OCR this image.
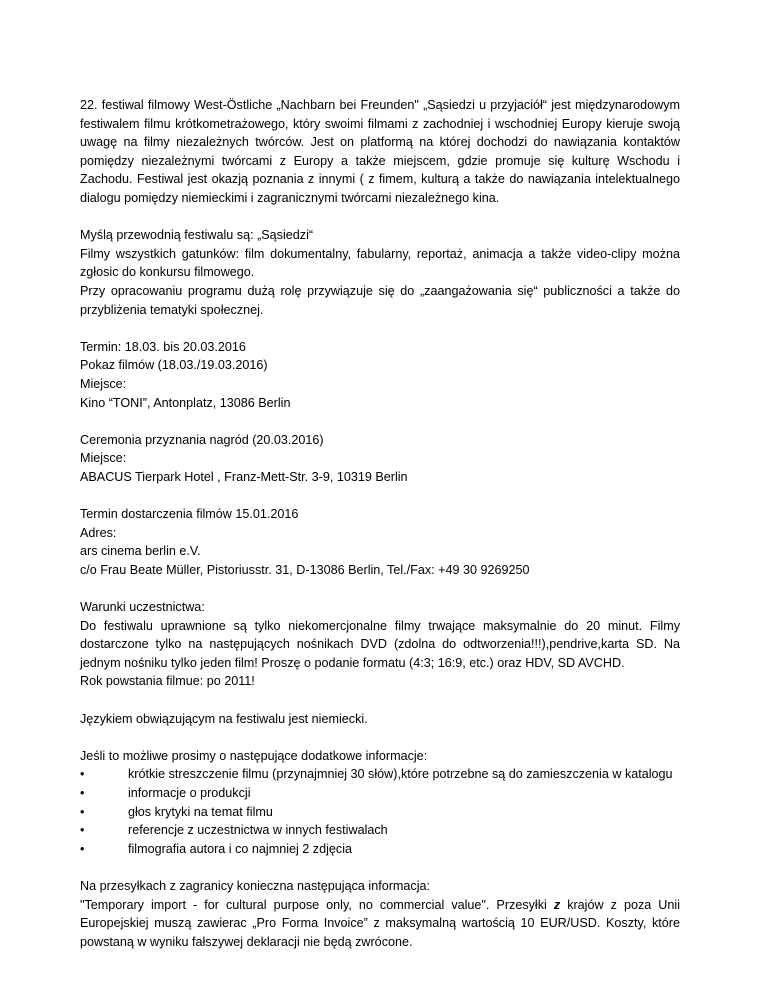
22. festiwal filmowy West-Östliche „Nachbarn bei Freunden" „Sąsiedzi u przyjaciół“ jest międzynarodowym festiwalem filmu krótkometrażowego, który swoimi filmami z zachodniej i wschodniej Europy kieruje swoją uwagę na filmy niezależnych twórców. Jest on platformą na której dochodzi do nawiązania kontaktów pomiędzy niezależnymi twórcami z Europy a także miejscem, gdzie promuje się kulturę Wschodu i Zachodu. Festiwal jest okazją poznania z innymi ( z fimem, kulturą a także do nawiązania intelektualnego dialogu pomiędzy niemieckimi i zagranicznymi twórcami niezależnego kina.

Myślą przewodnią festiwalu są: „Sąsiedzi“
Filmy wszystkich gatunków: film dokumentalny, fabularny, reportaż, animacja a także video-clipy można zgłosic do konkursu filmowego.
Przy opracowaniu programu dużą rolę przywiązuje się do „zaangażowania się“ publiczności a także do przybliżenia tematyki społecznej.

Termin: 18.03. bis 20.03.2016
Pokaz filmów (18.03./19.03.2016)
Miejsce:
Kino “TONI”, Antonplatz, 13086 Berlin

Ceremonia przyznania nagród (20.03.2016)
Miejsce:
ABACUS Tierpark Hotel , Franz-Mett-Str. 3-9, 10319 Berlin

Termin dostarczenia filmów 15.01.2016
Adres:
ars cinema berlin e.V.
c/o Frau Beate Müller, Pistoriusstr. 31, D-13086 Berlin, Tel./Fax: +49 30 9269250

Warunki uczestnictwa:
Do festiwalu uprawnione są tylko niekomercjonalne filmy trwające maksymalnie do 20 minut. Filmy dostarczone tylko na następujących nośnikach DVD (zdolna do odtworzenia!!!),pendrive,karta SD. Na jednym nośniku tylko jeden film! Proszę o podanie formatu (4:3; 16:9, etc.) oraz HDV, SD AVCHD.
Rok powstania filmue: po 2011!

Językiem obwiązującym na festiwalu jest niemiecki.

Jeśli to możliwe prosimy o następujące dodatkowe informacje:
•	krótkie streszczenie filmu (przynajmniej 30 słów),które potrzebne są do zamieszczenia w katalogu
•	informacje o produkcji
•	głos krytyki na temat filmu
•	referencje z uczestnictwa w innych festiwalach
•	filmografia autora i co najmniej 2 zdjęcia

Na przesyłkach z zagranicy konieczna następująca informacja:
"Temporary import - for cultural purpose only, no commercial value". Przesyłki z krajów z poza Unii Europejskiej muszą zawierac „Pro Forma Invoice” z maksymalną wartością 10 EUR/USD. Koszty, które powstaną w wyniku fałszywej deklaracji nie będą zwrócone.
